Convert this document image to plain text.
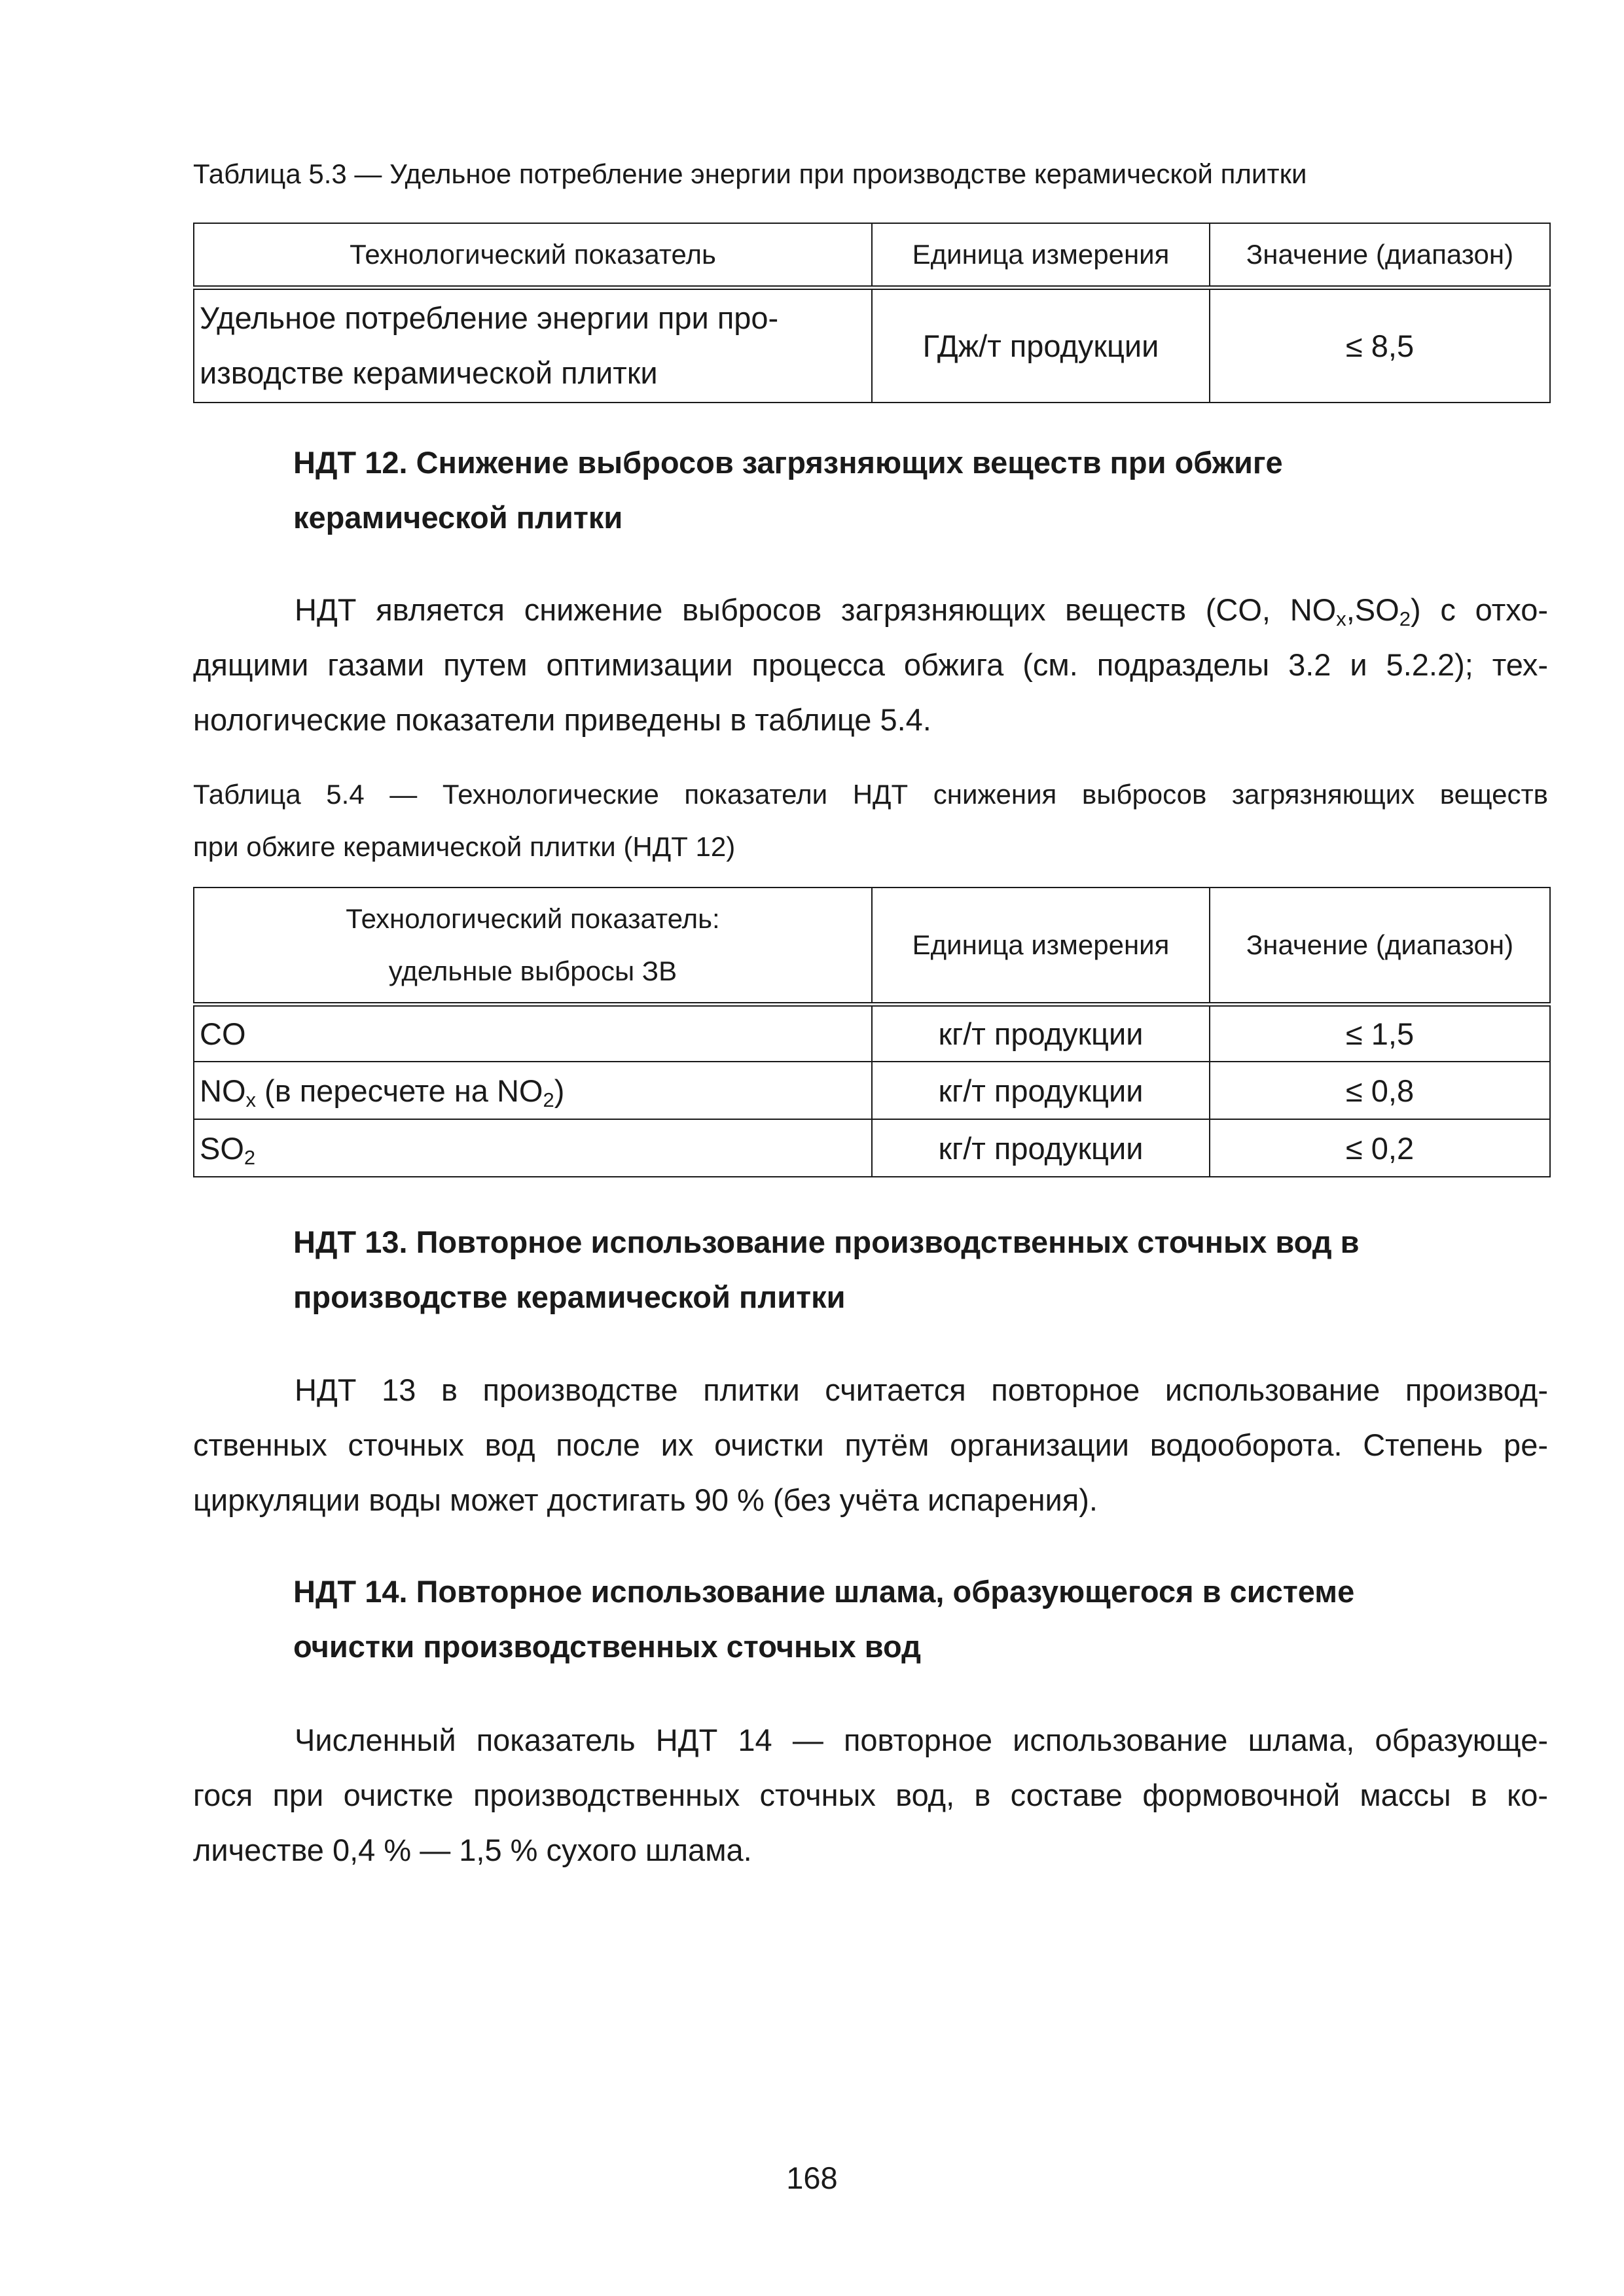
Таблица 5.3 — Удельное потребление энергии при производстве керамической плитки
Технологический показатель	Единица измерения	Значение (диапазон)

Удельное потребление энергии при про-
изводстве керамической плитки	ГДж/т продукции	≤ 8,5
НДТ 12. Снижение выбросов загрязняющих веществ при обжиге
керамической плитки
НДТ является снижение выбросов загрязняющих веществ (CO, $NO_x,SO_2$) с отхо-
дящими газами путем оптимизации процесса обжига (см. подразделы 3.2 и 5.2.2); тех-
нологические показатели приведены в таблице 5.4.
Таблица 5.4 — Технологические показатели НДТ снижения выбросов загрязняющих веществ
при обжиге керамической плитки (НДТ 12)
Технологический показатель:
удельные выбросы ЗВ	Единица измерения	Значение (диапазон)
CO	кг/т продукции	≤ 1,5
$NO_x$ (в пересчете на $NO_2$)	кг/т продукции	≤ 0,8
$SO_2$	кг/т продукции	≤ 0,2
НДТ 13. Повторное использование производственных сточных вод в
производстве керамической плитки
НДТ 13 в производстве плитки считается повторное использование производ-
ственных сточных вод после их очистки путём организации водооборота. Степень ре-
циркуляции воды может достигать 90 % (без учёта испарения).
НДТ 14. Повторное использование шлама, образующегося в системе
очистки производственных сточных вод
Численный показатель НДТ 14 — повторное использование шлама, образующе-
гося при очистке производственных сточных вод, в составе формовочной массы в ко-
личестве 0,4 % — 1,5 % сухого шлама.
168
